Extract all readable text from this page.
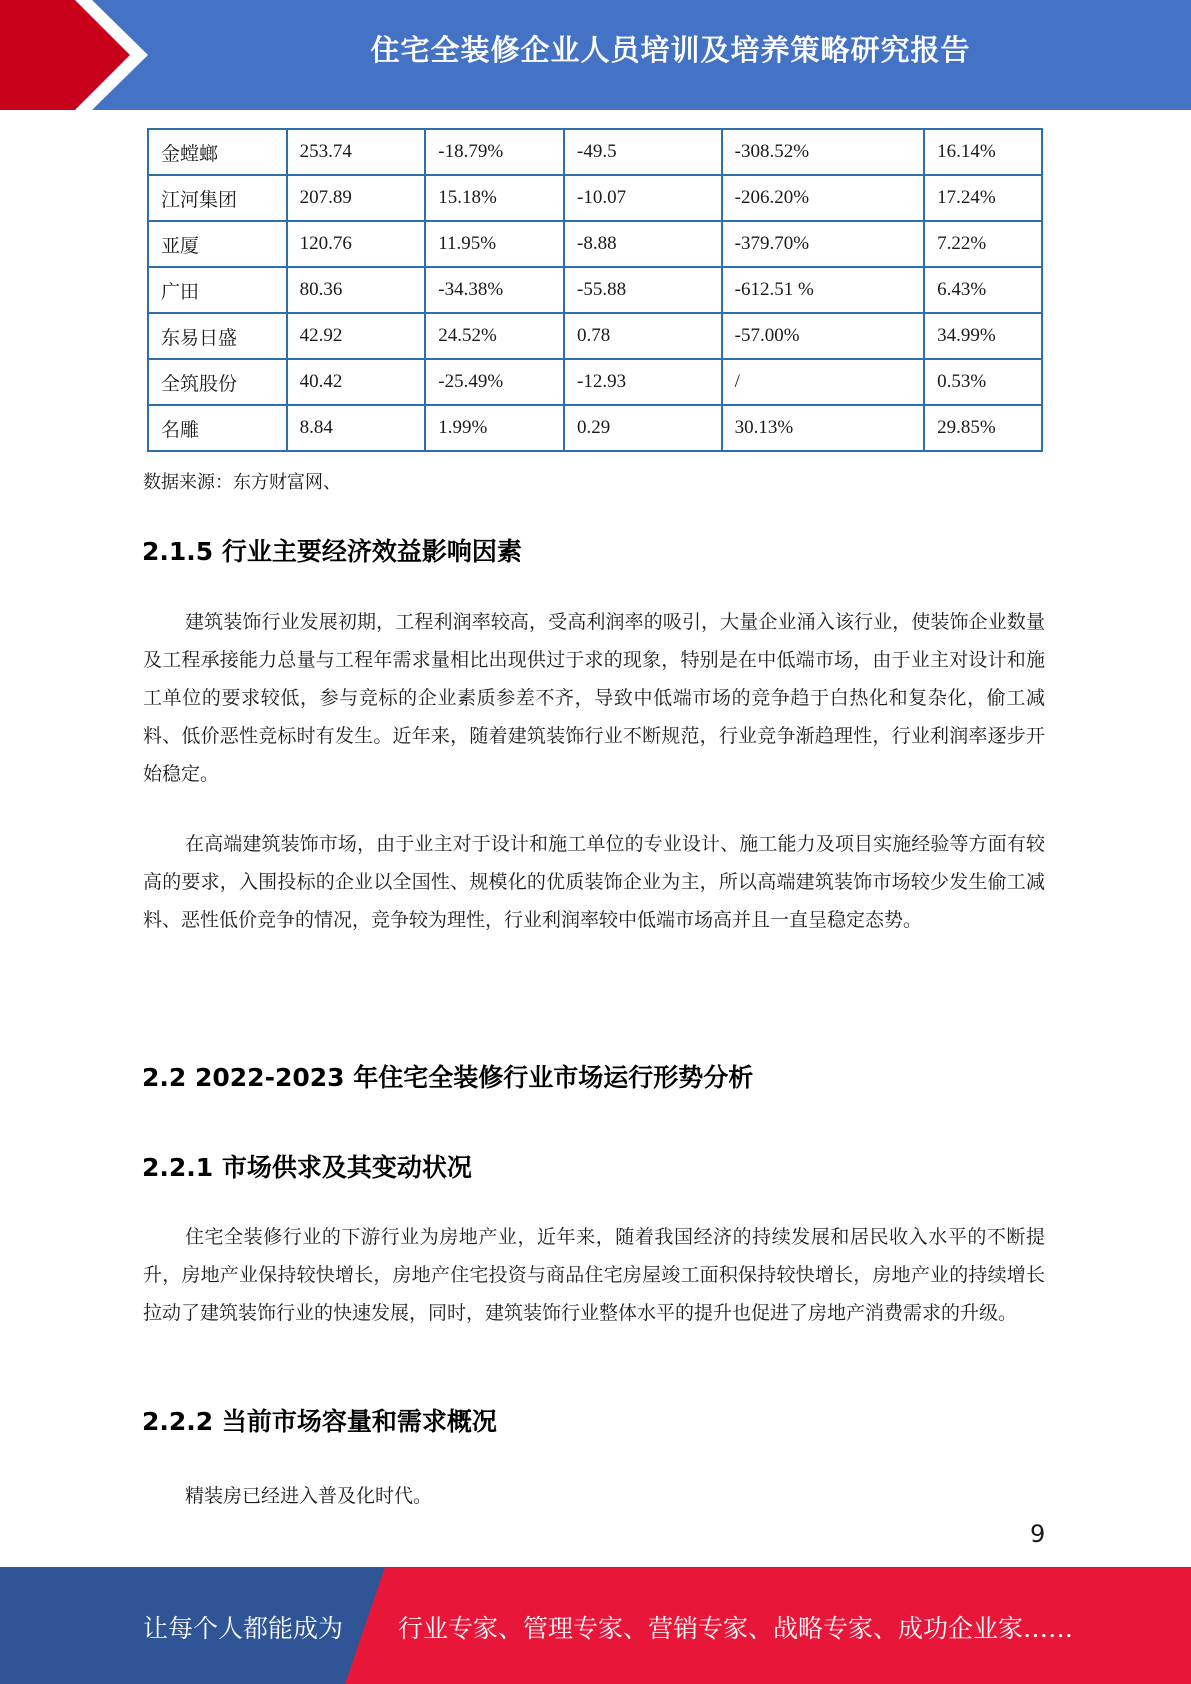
住宅全装修企业人员培训及培养策略研究报告
金螳螂	253.74	-18.79%	-49.5	-308.52%	16.14%
江河集团	207.89	15.18%	-10.07	-206.20%	17.24%
亚厦	120.76	11.95%	-8.88	-379.70%	7.22%
广田	80.36	-34.38%	-55.88	-612.51 %	6.43%
东易日盛	42.92	24.52%	0.78	-57.00%	34.99%
全筑股份	40.42	-25.49%	-12.93	/	0.53%
名雕	8.84	1.99%	0.29	30.13%	29.85%
数据来源：东方财富网、
2.1.5 行业主要经济效益影响因素

建筑装饰行业发展初期，工程利润率较高，受高利润率的吸引，大量企业涌入该行业，使装饰企业数量及工程承接能力总量与工程年需求量相比出现供过于求的现象，特别是在中低端市场，由于业主对设计和施工单位的要求较低，参与竞标的企业素质参差不齐，导致中低端市场的竞争趋于白热化和复杂化，偷工减料、低价恶性竞标时有发生。近年来，随着建筑装饰行业不断规范，行业竞争渐趋理性，行业利润率逐步开始稳定。

在高端建筑装饰市场，由于业主对于设计和施工单位的专业设计、施工能力及项目实施经验等方面有较高的要求，入围投标的企业以全国性、规模化的优质装饰企业为主，所以高端建筑装饰市场较少发生偷工减料、恶性低价竞争的情况，竞争较为理性，行业利润率较中低端市场高并且一直呈稳定态势。

2.2 2022-2023 年住宅全装修行业市场运行形势分析
2.2.1 市场供求及其变动状况

住宅全装修行业的下游行业为房地产业，近年来，随着我国经济的持续发展和居民收入水平的不断提升，房地产业保持较快增长，房地产住宅投资与商品住宅房屋竣工面积保持较快增长，房地产业的持续增长拉动了建筑装饰行业的快速发展，同时，建筑装饰行业整体水平的提升也促进了房地产消费需求的升级。

2.2.2 当前市场容量和需求概况

精装房已经进入普及化时代。

9
让每个人都能成为 行业专家、管理专家、营销专家、战略专家、成功企业家……
